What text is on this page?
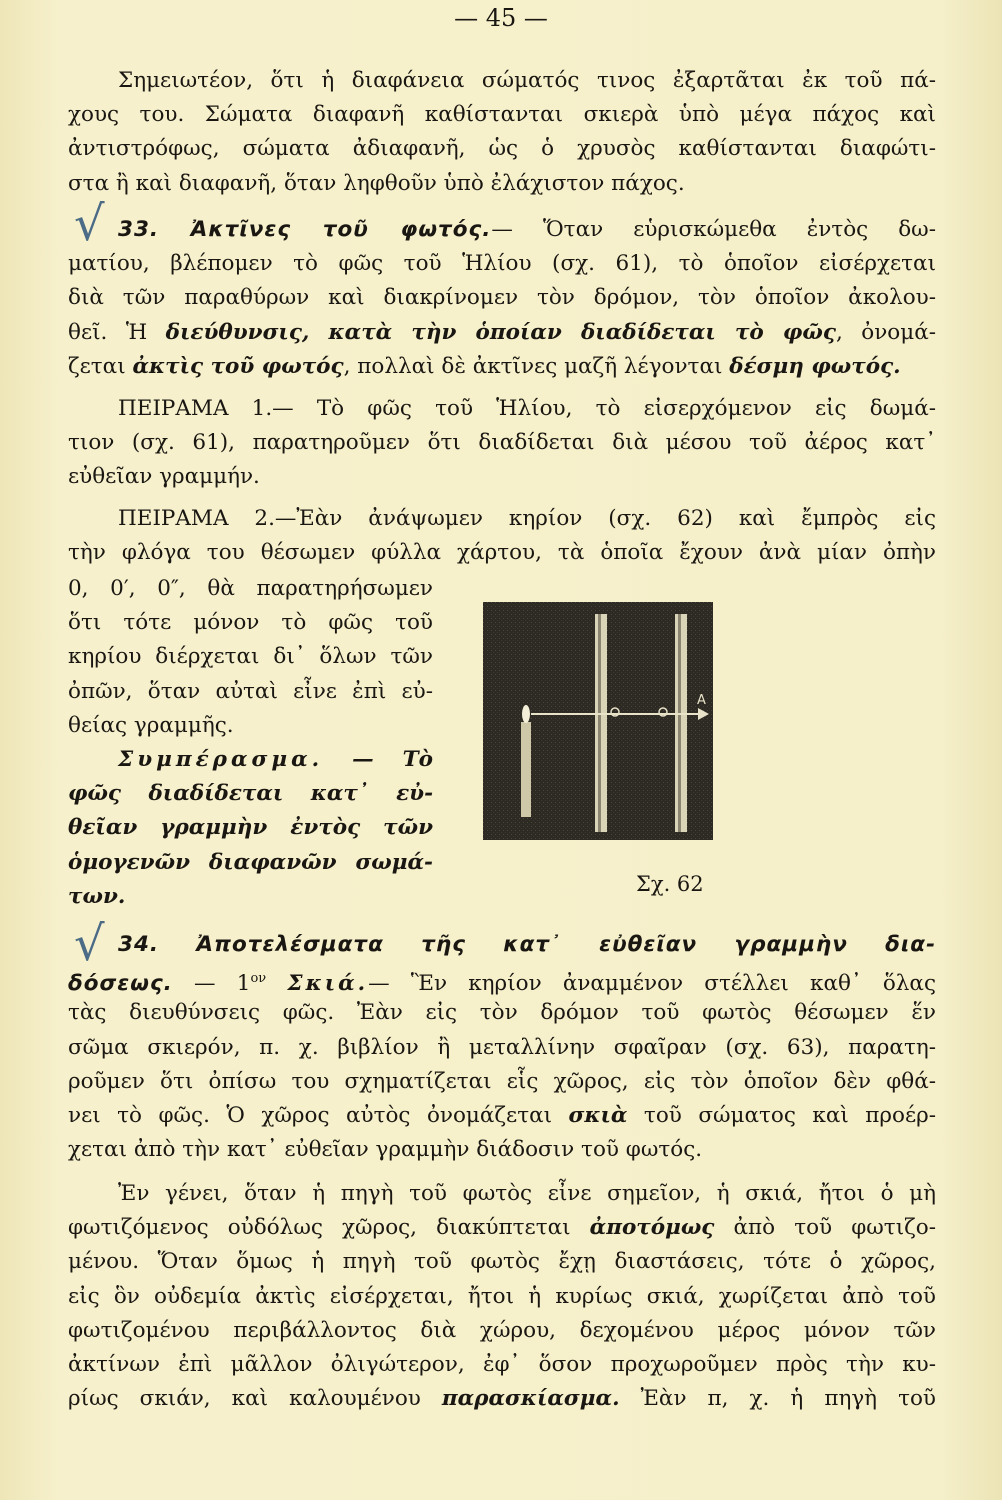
— 45 —
Σημειωτέον, ὅτι ἡ διαφάνεια σώματός τινος ἐξαρτᾶται ἐκ τοῦ πά-
χους του. Σώματα διαφανῆ καθίστανται σκιερὰ ὑπὸ μέγα πάχος καὶ
ἀντιστρόφως, σώματα ἀδιαφανῆ, ὡς ὁ χρυσὸς καθίστανται διαφώτι-
στα ἢ καὶ διαφανῆ, ὅταν ληφθοῦν ὑπὸ ἐλάχιστον πάχος.
√ 33. Ἀκτῖνες τοῦ φωτός.— Ὅταν εὑρισκώμεθα ἐντὸς δω-
ματίου, βλέπομεν τὸ φῶς τοῦ Ἡλίου (σχ. 61), τὸ ὁποῖον εἰσέρχεται
διὰ τῶν παραθύρων καὶ διακρίνομεν τὸν δρόμον, τὸν ὁποῖον ἀκολου-
θεῖ. Ἡ διεύθυνσις, κατὰ τὴν ὁποίαν διαδίδεται τὸ φῶς, ὀνομά-
ζεται ἀκτὶς τοῦ φωτός, πολλαὶ δὲ ἀκτῖνες μαζῆ λέγονται δέσμη φωτός.
ΠΕΙΡΑΜΑ 1.— Τὸ φῶς τοῦ Ἡλίου, τὸ εἰσερχόμενον εἰς δωμά-
τιον (σχ. 61), παρατηροῦμεν ὅτι διαδίδεται διὰ μέσου τοῦ ἀέρος κατ᾽
εὐθεῖαν γραμμήν.
ΠΕΙΡΑΜΑ 2.—Ἐὰν ἀνάψωμεν κηρίον (σχ. 62) καὶ ἔμπρὸς εἰς
τὴν φλόγα του θέσωμεν φύλλα χάρτου, τὰ ὁποῖα ἔχουν ἀνὰ μίαν ὀπὴν
0, 0′, 0″, θὰ παρατηρήσωμεν
ὅτι τότε μόνον τὸ φῶς τοῦ
κηρίου διέρχεται δι᾽ ὅλων τῶν
ὀπῶν, ὅταν αὐταὶ εἶνε ἐπὶ εὐ-
θείας γραμμῆς.
Συμπέρασμα. — Τὸ
φῶς διαδίδεται κατ᾽ εὐ-
θεῖαν γραμμὴν ἐντὸς τῶν
ὁμογενῶν διαφανῶν σωμά-
των.
A
Σχ. 62
√ 34. Ἀποτελέσματα τῆς κατ᾽ εὐθεῖαν γραμμὴν δια-
δόσεως. — $1^{o\nu}$ Σκιά.— Ἓν κηρίον ἀναμμένον στέλλει καθ᾽ ὅλας
τὰς διευθύνσεις φῶς. Ἐὰν εἰς τὸν δρόμον τοῦ φωτὸς θέσωμεν ἕν
σῶμα σκιερόν, π. χ. βιβλίον ἢ μεταλλίνην σφαῖραν (σχ. 63), παρατη-
ροῦμεν ὅτι ὀπίσω του σχηματίζεται εἷς χῶρος, εἰς τὸν ὁποῖον δὲν φθά-
νει τὸ φῶς. Ὁ χῶρος αὐτὸς ὀνομάζεται σκιὰ τοῦ σώματος καὶ προέρ-
χεται ἀπὸ τὴν κατ᾽ εὐθεῖαν γραμμὴν διάδοσιν τοῦ φωτός.
Ἐν γένει, ὅταν ἡ πηγὴ τοῦ φωτὸς εἶνε σημεῖον, ἡ σκιά, ἤτοι ὁ μὴ
φωτιζόμενος οὐδόλως χῶρος, διακύπτεται ἀποτόμως ἀπὸ τοῦ φωτιζο-
μένου. Ὅταν ὅμως ἡ πηγὴ τοῦ φωτὸς ἔχῃ διαστάσεις, τότε ὁ χῶρος,
εἰς ὃν οὐδεμία ἀκτὶς εἰσέρχεται, ἤτοι ἡ κυρίως σκιά, χωρίζεται ἀπὸ τοῦ
φωτιζομένου περιβάλλοντος διὰ χώρου, δεχομένου μέρος μόνον τῶν
ἀκτίνων ἐπὶ μᾶλλον ὀλιγώτερον, ἐφ᾽ ὅσον προχωροῦμεν πρὸς τὴν κυ-
ρίως σκιάν, καὶ καλουμένου παρασκίασμα. Ἐὰν π, χ. ἡ πηγὴ τοῦ
